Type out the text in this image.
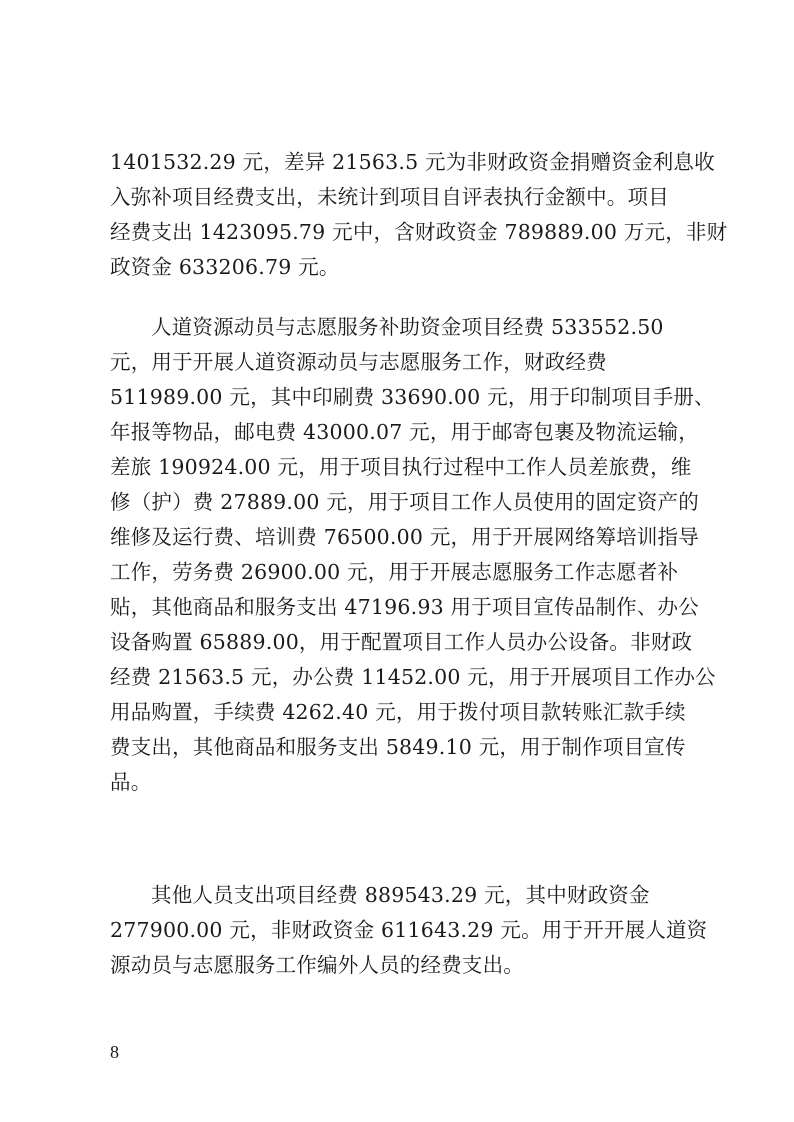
1401532.29 元，差异 21563.5 元为非财政资金捐赠资金利息收
入弥补项目经费支出，未统计到项目自评表执行金额中。项目
经费支出 1423095.79 元中，含财政资金 789889.00 万元，非财
政资金 633206.79 元。
人道资源动员与志愿服务补助资金项目经费 533552.50
元，用于开展人道资源动员与志愿服务工作，财政经费
511989.00 元，其中印刷费 33690.00 元，用于印制项目手册、
年报等物品，邮电费 43000.07 元，用于邮寄包裹及物流运输，
差旅 190924.00 元，用于项目执行过程中工作人员差旅费，维
修（护）费 27889.00 元，用于项目工作人员使用的固定资产的
维修及运行费、培训费 76500.00 元，用于开展网络筹培训指导
工作，劳务费 26900.00 元，用于开展志愿服务工作志愿者补
贴，其他商品和服务支出 47196.93 用于项目宣传品制作、办公
设备购置 65889.00，用于配置项目工作人员办公设备。非财政
经费 21563.5 元，办公费 11452.00 元，用于开展项目工作办公
用品购置，手续费 4262.40 元，用于拨付项目款转账汇款手续
费支出，其他商品和服务支出 5849.10 元，用于制作项目宣传
品。
其他人员支出项目经费 889543.29 元，其中财政资金
277900.00 元，非财政资金 611643.29 元。用于开开展人道资
源动员与志愿服务工作编外人员的经费支出。
8
